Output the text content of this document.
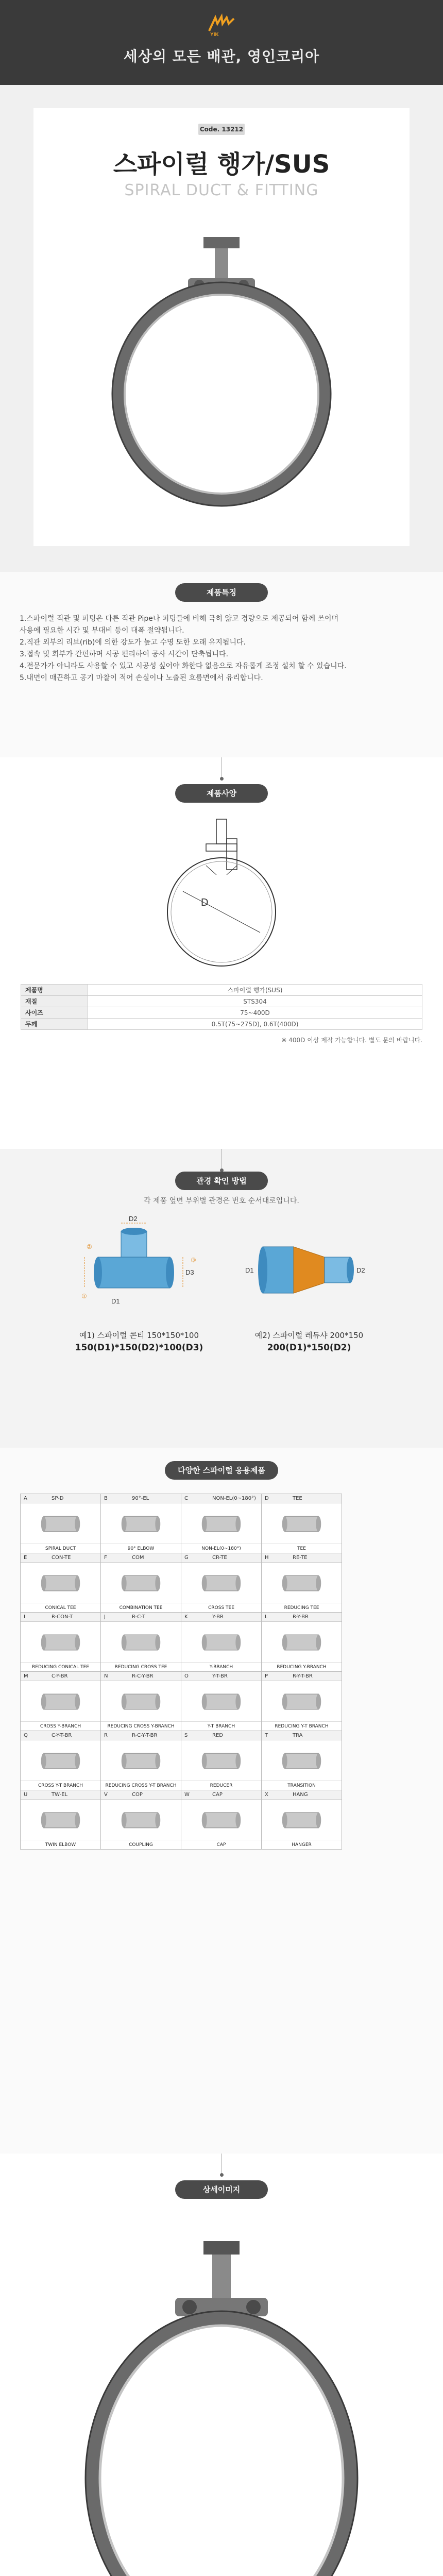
YIK
세상의 모든 배관, 영인코리아
Code. 13212
스파이럴 행가/SUS
SPIRAL DUCT & FITTING
제품특징
1.스파이럴 직관 및 피팅은 다른 직관 Pipe나 피팅들에 비해 극히 얇고 경량으로 제공되어 함께 쓰이며
사용에 필요한 시간 및 부대비 등이 대폭 절약됩니다.
2.직관 외부의 리브(rib)에 의한 강도가 높고 수명 또한 오래 유지됩니다.
3.접속 및 회부가 간편하며 시공 편리하여 공사 시간이 단축됩니다.
4.전문가가 아니라도 사용할 수 있고 시공성 싶어야 화한다 없음으로 자유롭게 조정 설치 할 수 있습니다.
5.내면이 매끈하고 공기 마찰이 적어 손실이나 노출된 흐름면에서 유리합니다.
제품사양
D
제품명	스파이럴 행가(SUS)
재질	STS304
사이즈	75~400D
두께	0.5T(75~275D), 0.6T(400D)
※ 400D 이상 제작 가능합니다. 별도 문의 바랍니다.
관경 확인 방법
각 제품 옆면 부위별 관경은 번호 순서대로입니다.
D2
D1
D3
②
①
③
D1	D2
예1) 스파이럴 콘티 150*150*100
150(D1)*150(D2)*100(D3)
예2) 스파이럴 레듀샤 200*150
200(D1)*150(D2)
다양한 스파이럴 응용제품
A	SP-D
SPIRAL DUCT
B	90°-EL
90° ELBOW
C	NON-EL(0~180°)
NON-EL(0~180°)
D	TEE
TEE
E	CON-TE
CONICAL TEE
F	COM
COMBINATION TEE
G	CR-TE
CROSS TEE
H	RE-TE
REDUCING TEE
I	R-CON-T
REDUCING CONICAL TEE
J	R-C-T
REDUCING CROSS TEE
K	Y-BR
Y-BRANCH
L	R-Y-BR
REDUCING Y-BRANCH
M	C-Y-BR
CROSS Y-BRANCH
N	R-C-Y-BR
REDUCING CROSS Y-BRANCH
O	Y-T-BR
Y-T BRANCH
P	R-Y-T-BR
REDUCING Y-T BRANCH
Q	C-Y-T-BR
CROSS Y-T BRANCH
R	R-C-Y-T-BR
REDUCING CROSS Y-T BRANCH
S	RED
REDUCER
T	TRA
TRANSITION
U	TW-EL
TWIN ELBOW
V	COP
COUPLING
W	CAP
CAP
X	HANG
HANGER
상세이미지
